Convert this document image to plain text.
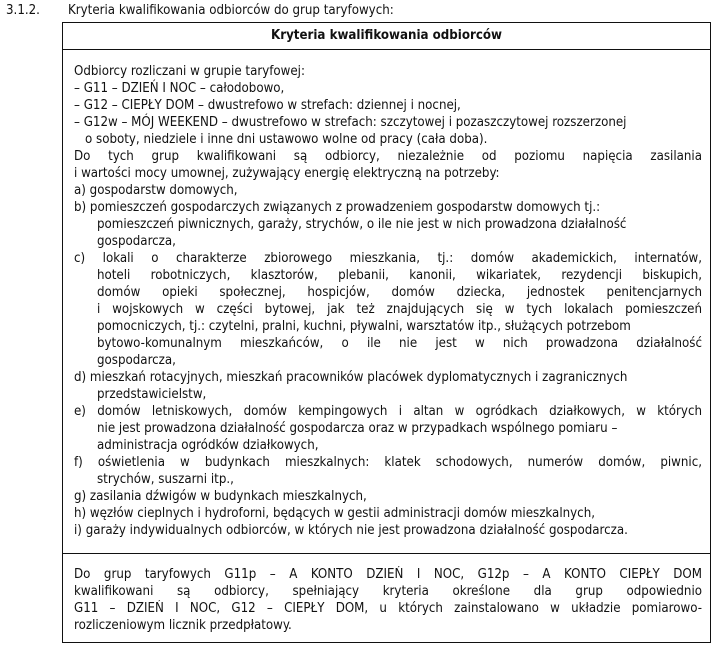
3.1.2. Kryteria kwalifikowania odbiorców do grup taryfowych:
Kryteria kwalifikowania odbiorców
Odbiorcy rozliczani w grupie taryfowej:
– G11 – DZIEŃ I NOC – całodobowo,
– G12 – CIEPŁY DOM – dwustrefowo w strefach: dziennej i nocnej,
– G12w – MÓJ WEEKEND – dwustrefowo w strefach: szczytowej i pozaszczytowej rozszerzonej
o soboty, niedziele i inne dni ustawowo wolne od pracy (cała doba).
Do tych grup kwalifikowani są odbiorcy, niezależnie od poziomu napięcia zasilania
i wartości mocy umownej, zużywający energię elektryczną na potrzeby:
a) gospodarstw domowych,
b) pomieszczeń gospodarczych związanych z prowadzeniem gospodarstw domowych tj.:
pomieszczeń piwnicznych, garaży, strychów, o ile nie jest w nich prowadzona działalność
gospodarcza,
c) lokali o charakterze zbiorowego mieszkania, tj.: domów akademickich, internatów,
hoteli robotniczych, klasztorów, plebanii, kanonii, wikariatek, rezydencji biskupich,
domów opieki społecznej, hospicjów, domów dziecka, jednostek penitencjarnych
i wojskowych w części bytowej, jak też znajdujących się w tych lokalach pomieszczeń
pomocniczych, tj.: czytelni, pralni, kuchni, pływalni, warsztatów itp., służących potrzebom
bytowo-komunalnym mieszkańców, o ile nie jest w nich prowadzona działalność
gospodarcza,
d) mieszkań rotacyjnych, mieszkań pracowników placówek dyplomatycznych i zagranicznych
przedstawicielstw,
e) domów letniskowych, domów kempingowych i altan w ogródkach działkowych, w których
nie jest prowadzona działalność gospodarcza oraz w przypadkach wspólnego pomiaru –
administracja ogródków działkowych,
f) oświetlenia w budynkach mieszkalnych: klatek schodowych, numerów domów, piwnic,
strychów, suszarni itp.,
g) zasilania dźwigów w budynkach mieszkalnych,
h) węzłów cieplnych i hydroforni, będących w gestii administracji domów mieszkalnych,
i) garaży indywidualnych odbiorców, w których nie jest prowadzona działalność gospodarcza.
Do grup taryfowych G11p – A KONTO DZIEŃ I NOC, G12p – A KONTO CIEPŁY DOM
kwalifikowani są odbiorcy, spełniający kryteria określone dla grup odpowiednio
G11 – DZIEŃ I NOC, G12 – CIEPŁY DOM, u których zainstalowano w układzie pomiarowo-
rozliczeniowym licznik przedpłatowy.
